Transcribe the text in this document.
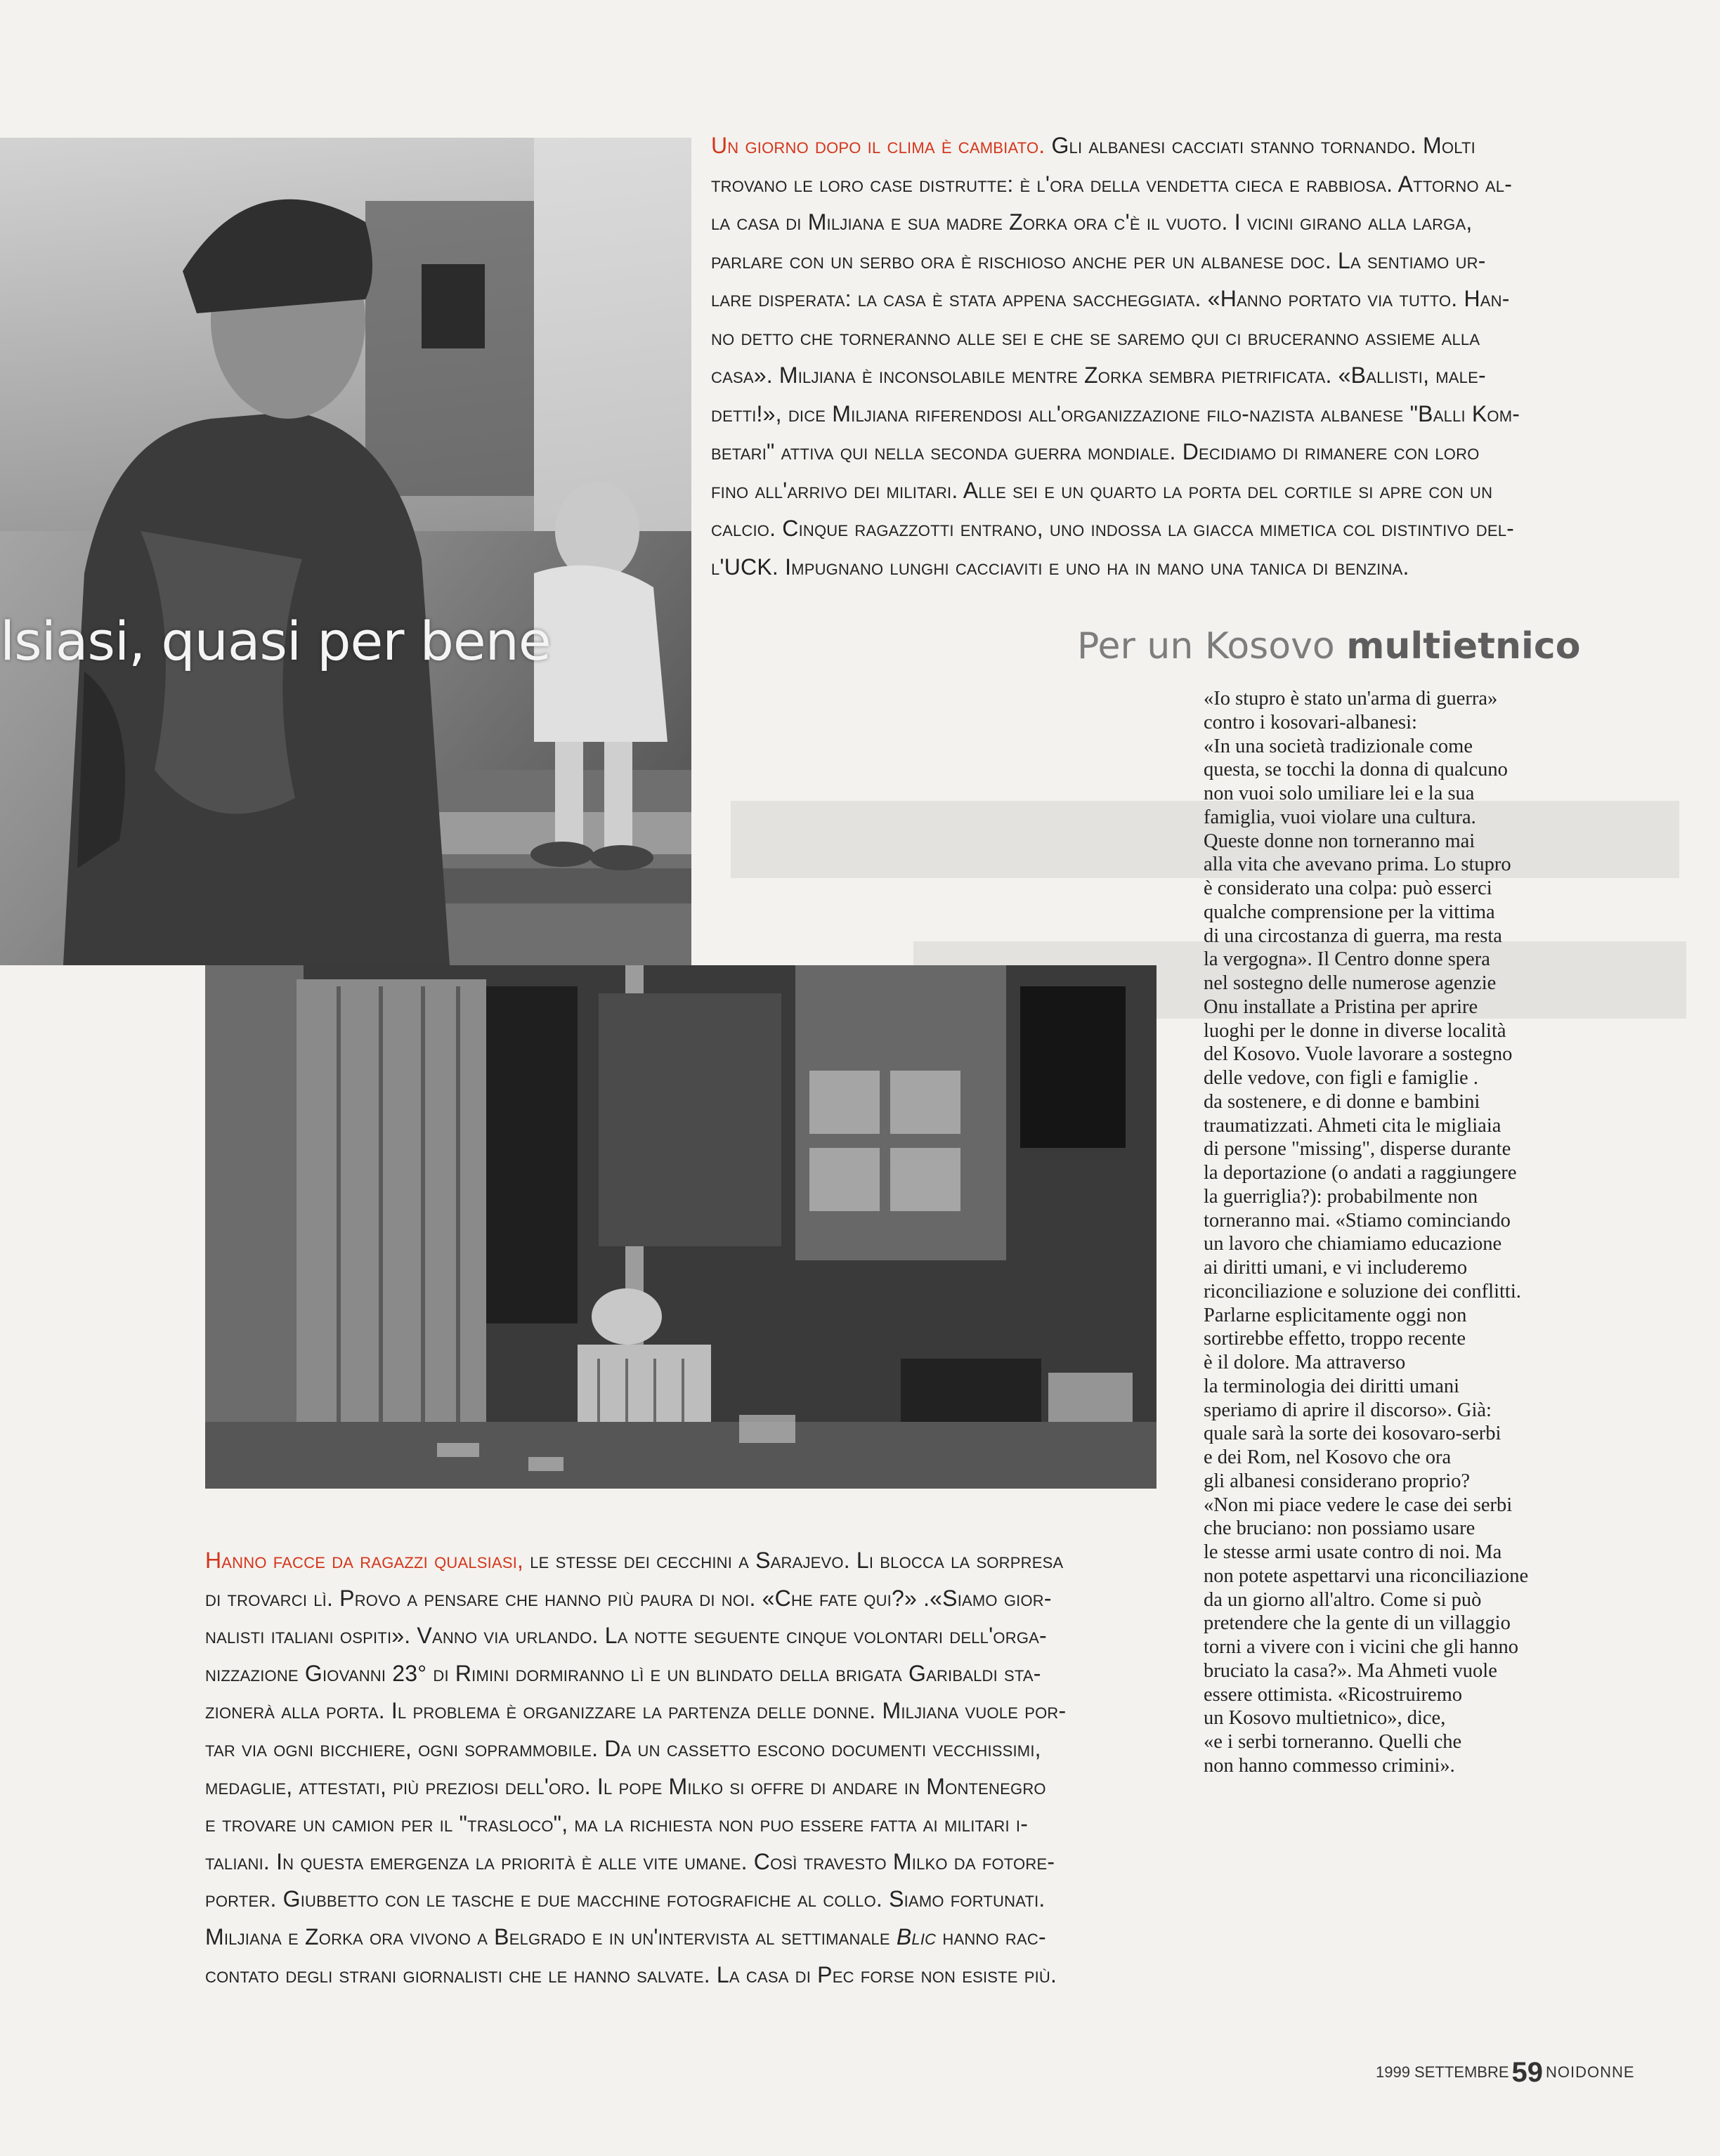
lsiasi, quasi per bene
Un giorno dopo il clima è cambiato. Gli albanesi cacciati stanno tornando. Molti
trovano le loro case distrutte: è l'ora della vendetta cieca e rabbiosa. Attorno al-
la casa di Miljiana e sua madre Zorka ora c'è il vuoto. I vicini girano alla larga,
parlare con un serbo ora è rischioso anche per un albanese doc. La sentiamo ur-
lare disperata: la casa è stata appena saccheggiata. «Hanno portato via tutto. Han-
no detto che torneranno alle sei e che se saremo qui ci bruceranno assieme alla
casa». Miljiana è inconsolabile mentre Zorka sembra pietrificata. «Ballisti, male-
detti!», dice Miljiana riferendosi all'organizzazione filo-nazista albanese "Balli Kom-
betari" attiva qui nella seconda guerra mondiale. Decidiamo di rimanere con loro
fino all'arrivo dei militari. Alle sei e un quarto la porta del cortile si apre con un
calcio. Cinque ragazzotti entrano, uno indossa la giacca mimetica col distintivo del-
l'UCK. Impugnano lunghi cacciaviti e uno ha in mano una tanica di benzina.
Per un Kosovo multietnico
«Io stupro è stato un'arma di guerra»
contro i kosovari-albanesi:
«In una società tradizionale come
questa, se tocchi la donna di qualcuno
non vuoi solo umiliare lei e la sua
famiglia, vuoi violare una cultura.
Queste donne non torneranno mai
alla vita che avevano prima. Lo stupro
è considerato una colpa: può esserci
qualche comprensione per la vittima
di una circostanza di guerra, ma resta
la vergogna». Il Centro donne spera
nel sostegno delle numerose agenzie
Onu installate a Pristina per aprire
luoghi per le donne in diverse località
del Kosovo. Vuole lavorare a sostegno
delle vedove, con figli e famiglie .
da sostenere, e di donne e bambini
traumatizzati. Ahmeti cita le migliaia
di persone "missing", disperse durante
la deportazione (o andati a raggiungere
la guerriglia?): probabilmente non
torneranno mai. «Stiamo cominciando
un lavoro che chiamiamo educazione
ai diritti umani, e vi includeremo
riconciliazione e soluzione dei conflitti.
Parlarne esplicitamente oggi non
sortirebbe effetto, troppo recente
è il dolore. Ma attraverso
la terminologia dei diritti umani
speriamo di aprire il discorso». Già:
quale sarà la sorte dei kosovaro-serbi
e dei Rom, nel Kosovo che ora
gli albanesi considerano proprio?
«Non mi piace vedere le case dei serbi
che bruciano: non possiamo usare
le stesse armi usate contro di noi. Ma
non potete aspettarvi una riconciliazione
da un giorno all'altro. Come si può
pretendere che la gente di un villaggio
torni a vivere con i vicini che gli hanno
bruciato la casa?». Ma Ahmeti vuole
essere ottimista. «Ricostruiremo
un Kosovo multietnico», dice,
«e i serbi torneranno. Quelli che
non hanno commesso crimini».
Hanno facce da ragazzi qualsiasi, le stesse dei cecchini a Sarajevo. Li blocca la sorpresa
di trovarci lì. Provo a pensare che hanno più paura di noi. «Che fate qui?» .«Siamo gior-
nalisti italiani ospiti». Vanno via urlando. La notte seguente cinque volontari dell'orga-
nizzazione Giovanni 23° di Rimini dormiranno lì e un blindato della brigata Garibaldi sta-
zionerà alla porta. Il problema è organizzare la partenza delle donne. Miljiana vuole por-
tar via ogni bicchiere, ogni soprammobile. Da un cassetto escono documenti vecchissimi,
medaglie, attestati, più preziosi dell'oro. Il pope Milko si offre di andare in Montenegro
e trovare un camion per il "trasloco", ma la richiesta non puo essere fatta ai militari i-
taliani. In questa emergenza la priorità è alle vite umane. Così travesto Milko da fotore-
porter. Giubbetto con le tasche e due macchine fotografiche al collo. Siamo fortunati.
Miljiana e Zorka ora vivono a Belgrado e in un'intervista al settimanale Blic hanno rac-
contato degli strani giornalisti che le hanno salvate. La casa di Pec forse non esiste più.
1999 SETTEMBRE 59 NOIDONNE
